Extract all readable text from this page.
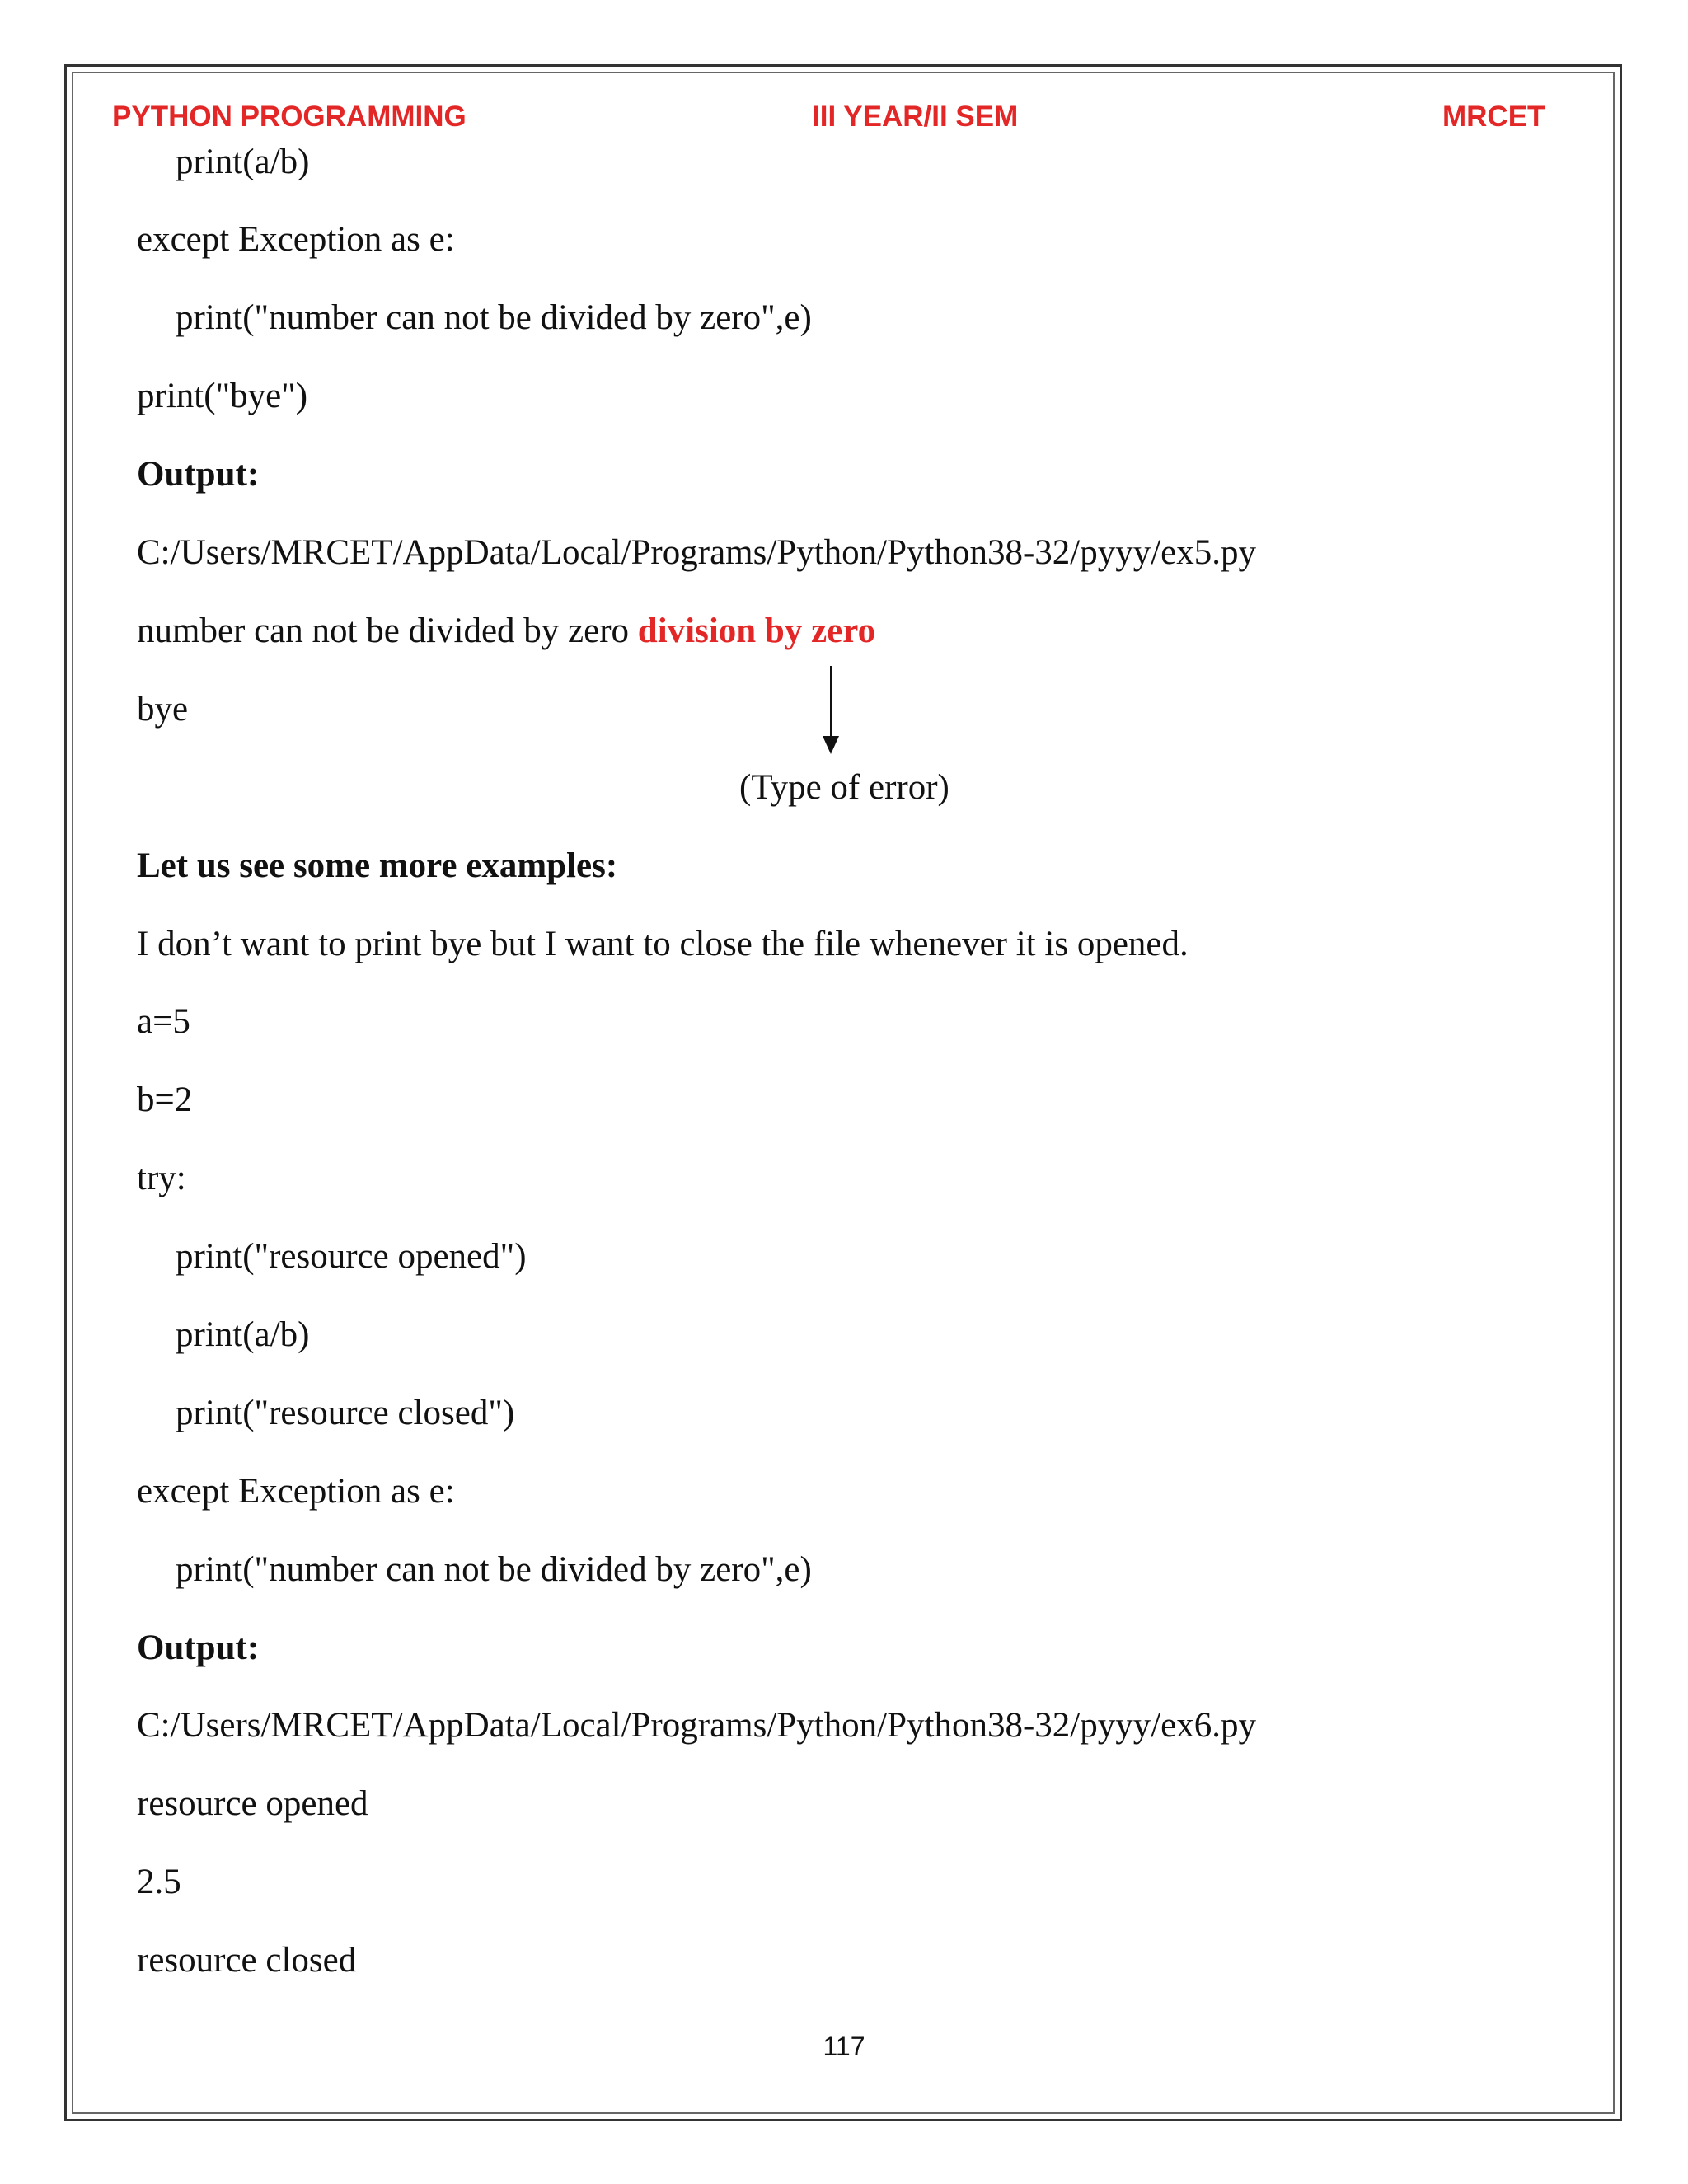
PYTHON PROGRAMMING	III YEAR/II SEM	MRCET
print(a/b)
except Exception as e:
print("number can not be divided by zero",e)
print("bye")
Output:
C:/Users/MRCET/AppData/Local/Programs/Python/Python38-32/pyyy/ex5.py
number can not be divided by zero division by zero
bye
(Type of error)
Let us see some more examples:
I don’t want to print bye but I want to close the file whenever it is opened.
a=5
b=2
try:
print("resource opened")
print(a/b)
print("resource closed")
except Exception as e:
print("number can not be divided by zero",e)
Output:
C:/Users/MRCET/AppData/Local/Programs/Python/Python38-32/pyyy/ex6.py
resource opened
2.5
resource closed
117
